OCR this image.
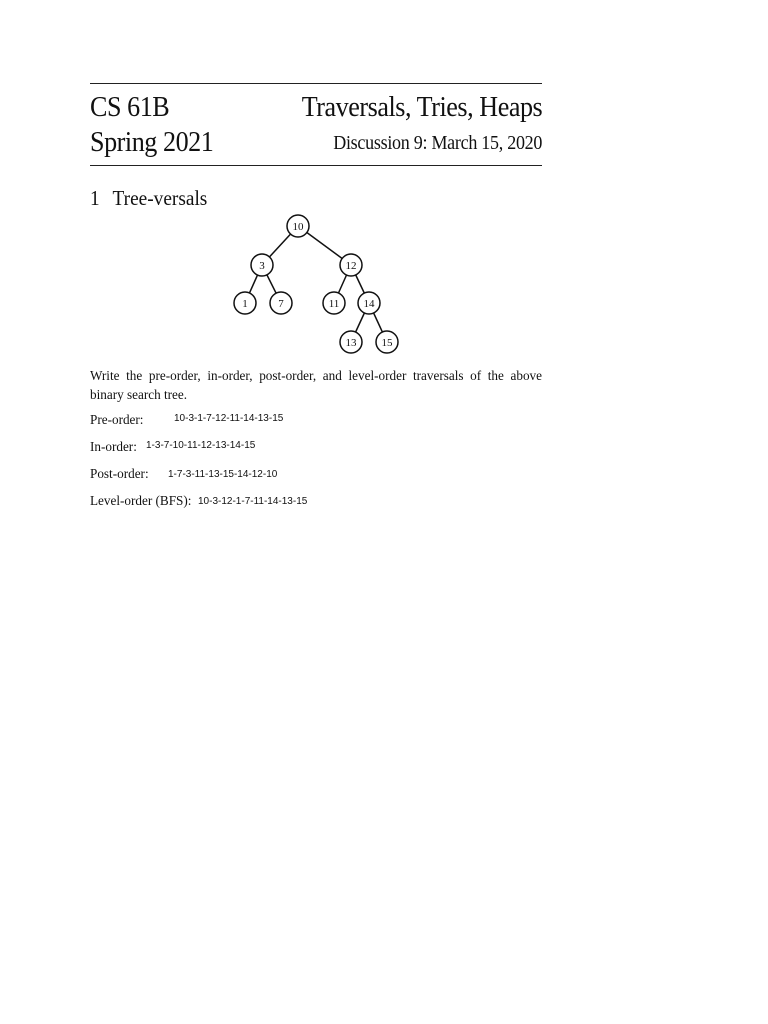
CS 61B
Spring 2021
Traversals, Tries, Heaps
Discussion 9: March 15, 2020
1 Tree-versals
10
3	12
1	7	11 14
13 15
Write the pre-order, in-order, post-order, and level-order traversals of the above binary search tree.
Pre-order:	10-3-1-7-12-11-14-13-15
In-order: 1-3-7-10-11-12-13-14-15
Post-order: 1-7-3-11-13-15-14-12-10
Level-order (BFS): 10-3-12-1-7-11-14-13-15
